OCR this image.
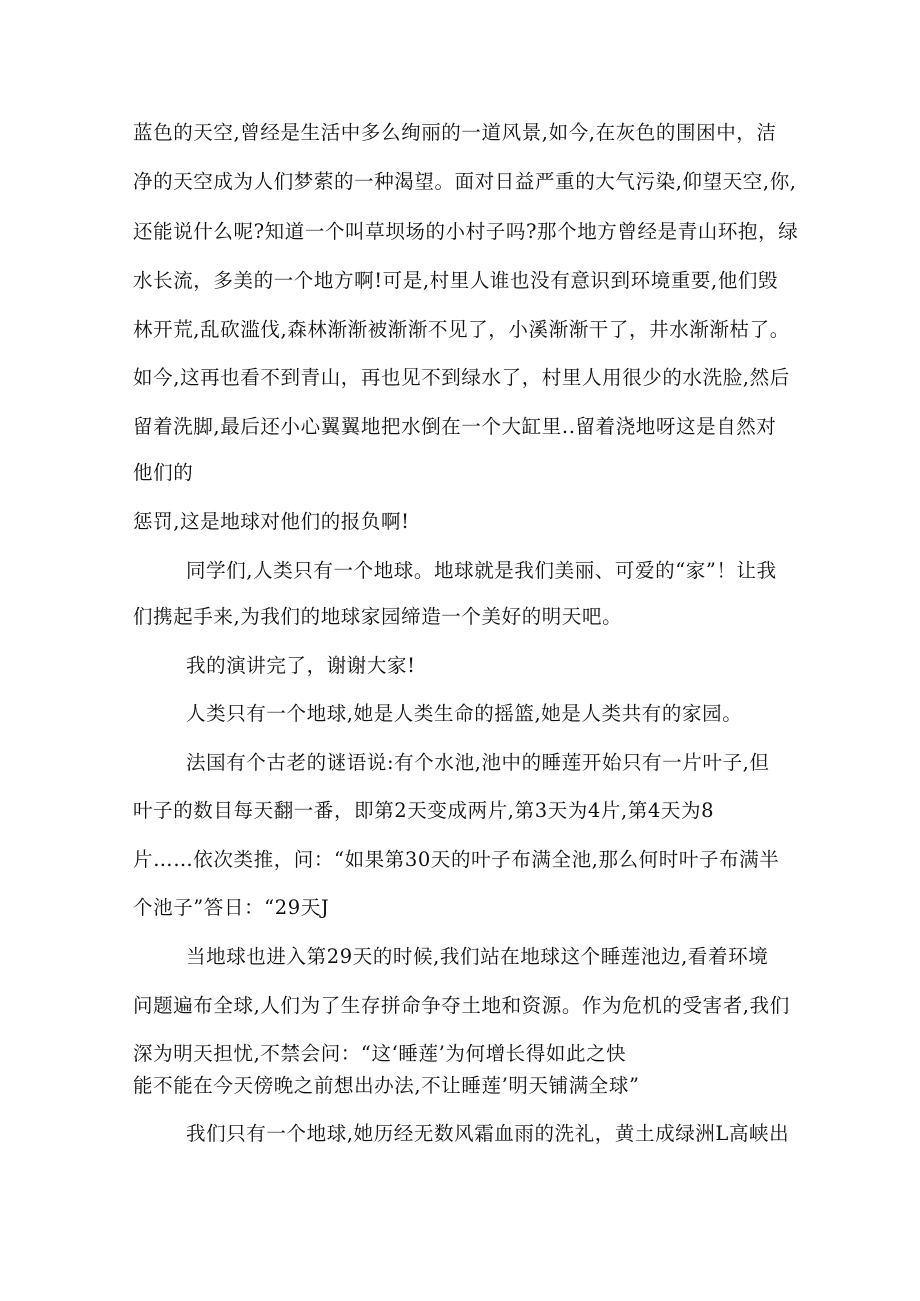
蓝色的天空,曾经是生活中多么绚丽的一道风景,如今,在灰色的围困中，洁
净的天空成为人们梦萦的一种渴望。面对日益严重的大气污染,仰望天空,你,
还能说什么呢?知道一个叫草坝场的小村子吗?那个地方曾经是青山环抱，绿
水长流，多美的一个地方啊!可是,村里人谁也没有意识到环境重要,他们毁
林开荒,乱砍滥伐,森林渐渐被渐渐不见了，小溪渐渐干了，井水渐渐枯了。
如今,这再也看不到青山，再也见不到绿水了，村里人用很少的水洗脸,然后
留着洗脚,最后还小心翼翼地把水倒在一个大缸里..留着浇地呀这是自然对
他们的
惩罚,这是地球对他们的报负啊!
同学们,人类只有一个地球。地球就是我们美丽、可爱的“家”！让我
们携起手来,为我们的地球家园缔造一个美好的明天吧。
我的演讲完了，谢谢大家!
人类只有一个地球,她是人类生命的摇篮,她是人类共有的家园。
法国有个古老的谜语说:有个水池,池中的睡莲开始只有一片叶子,但
叶子的数目每天翻一番，即第2天变成两片,第3天为4片,第4天为8
片……依次类推，问：“如果第30天的叶子布满全池,那么何时叶子布满半
个池子”答日：“29天J
当地球也进入第29天的时候,我们站在地球这个睡莲池边,看着环境
问题遍布全球,人们为了生存拼命争夺土地和资源。作为危机的受害者,我们
深为明天担忧,不禁会问：“这‘睡莲’为何增长得如此之快
能不能在今天傍晚之前想出办法,不让睡莲’明天铺满全球”
我们只有一个地球,她历经无数风霜血雨的洗礼，黄土成绿洲L高峡出
